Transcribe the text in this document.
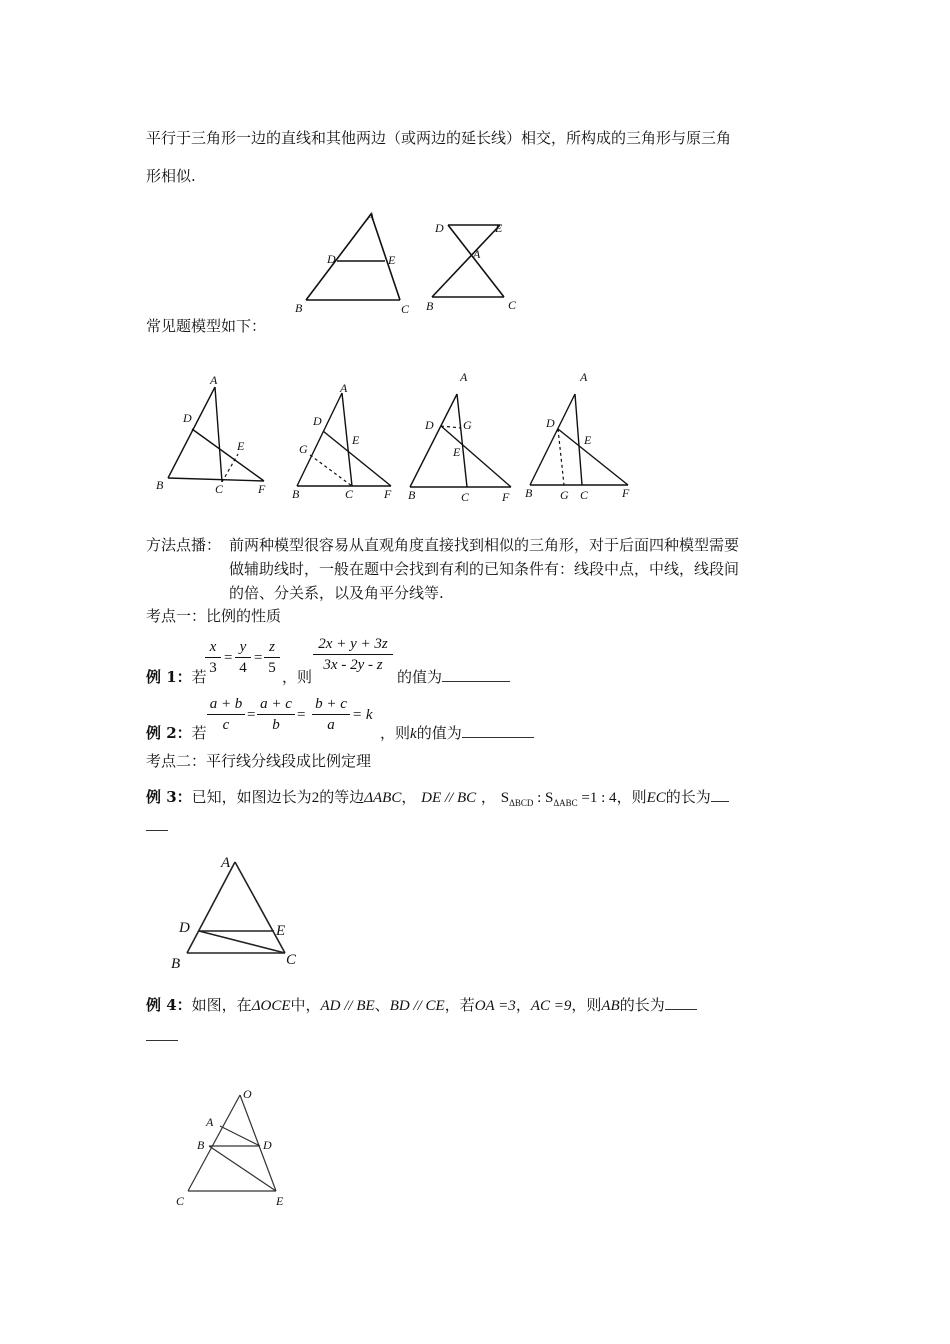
平行于三角形一边的直线和其他两边（或两边的延长线）相交，所构成的三角形与原三角
形相似.
A
D	E
B	C
D	E
A
B	C
常见题模型如下：
A
D
E
B	C	F
A
D
E
G
B	C	F
A
D G
E
B	C	F
A
D
E
B G C	F
方法点播： 前两种模型很容易从直观角度直接找到相似的三角形，对于后面四种模型需要
做辅助线时，一般在题中会找到有利的已知条件有：线段中点，中线，线段间
的倍、分关系，以及角平分线等.
考点一：比例的性质
x
3
=
y
4
=
z
5
2x + y + 3z
3x - 2y - z
例 1：若	，则	的值为
a + b
c
=
a + c
b
=
b + c
a
= k
例 2：若	，则k的值为
考点二：平行线分线段成比例定理
例 3：已知，如图边长为2的等边ΔABC， DE // BC ， $S_{\Delta BCD}$ : $S_{\Delta ABC} =1$ : 4，则EC的长为
A
D	E
B	C
例 4：如图，在ΔOCE中，AD // BE、BD // CE，若OA =3，AC =9，则AB的长为
O
A
B	D
C	E
